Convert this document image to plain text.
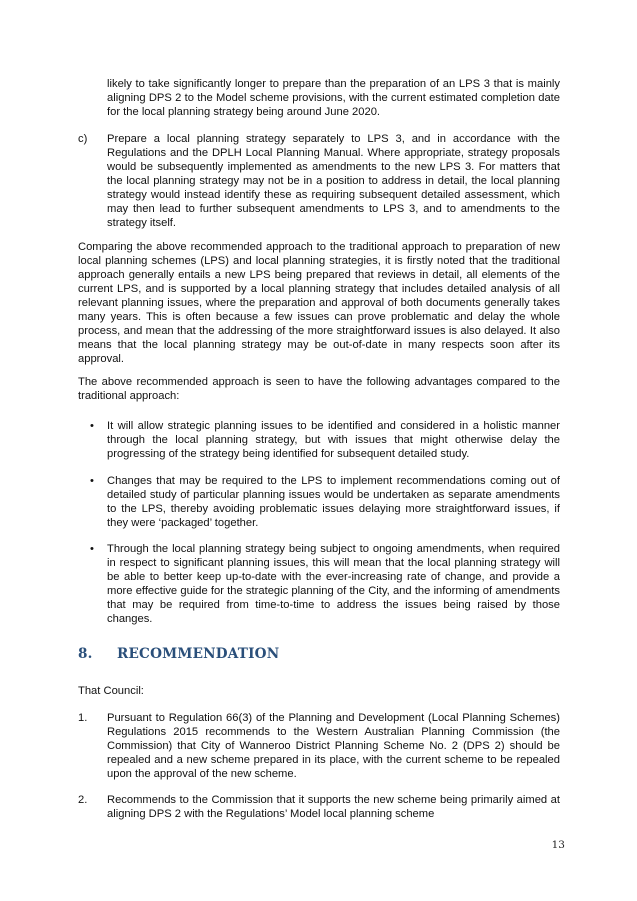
likely to take significantly longer to prepare than the preparation of an LPS 3 that is mainly aligning DPS 2 to the Model scheme provisions, with the current estimated completion date for the local planning strategy being around June 2020.

c) Prepare a local planning strategy separately to LPS 3, and in accordance with the Regulations and the DPLH Local Planning Manual. Where appropriate, strategy proposals would be subsequently implemented as amendments to the new LPS 3. For matters that the local planning strategy may not be in a position to address in detail, the local planning strategy would instead identify these as requiring subsequent detailed assessment, which may then lead to further subsequent amendments to LPS 3, and to amendments to the strategy itself.

Comparing the above recommended approach to the traditional approach to preparation of new local planning schemes (LPS) and local planning strategies, it is firstly noted that the traditional approach generally entails a new LPS being prepared that reviews in detail, all elements of the current LPS, and is supported by a local planning strategy that includes detailed analysis of all relevant planning issues, where the preparation and approval of both documents generally takes many years. This is often because a few issues can prove problematic and delay the whole process, and mean that the addressing of the more straightforward issues is also delayed. It also means that the local planning strategy may be out-of-date in many respects soon after its approval.

The above recommended approach is seen to have the following advantages compared to the traditional approach:

• It will allow strategic planning issues to be identified and considered in a holistic manner through the local planning strategy, but with issues that might otherwise delay the progressing of the strategy being identified for subsequent detailed study.

• Changes that may be required to the LPS to implement recommendations coming out of detailed study of particular planning issues would be undertaken as separate amendments to the LPS, thereby avoiding problematic issues delaying more straightforward issues, if they were ‘packaged’ together.

• Through the local planning strategy being subject to ongoing amendments, when required in respect to significant planning issues, this will mean that the local planning strategy will be able to better keep up-to-date with the ever-increasing rate of change, and provide a more effective guide for the strategic planning of the City, and the informing of amendments that may be required from time-to-time to address the issues being raised by those changes.

8. RECOMMENDATION
That Council:
1. Pursuant to Regulation 66(3) of the Planning and Development (Local Planning Schemes) Regulations 2015 recommends to the Western Australian Planning Commission (the Commission) that City of Wanneroo District Planning Scheme No. 2 (DPS 2) should be repealed and a new scheme prepared in its place, with the current scheme to be repealed upon the approval of the new scheme.

2. Recommends to the Commission that it supports the new scheme being primarily aimed at aligning DPS 2 with the Regulations’ Model local planning scheme

13
